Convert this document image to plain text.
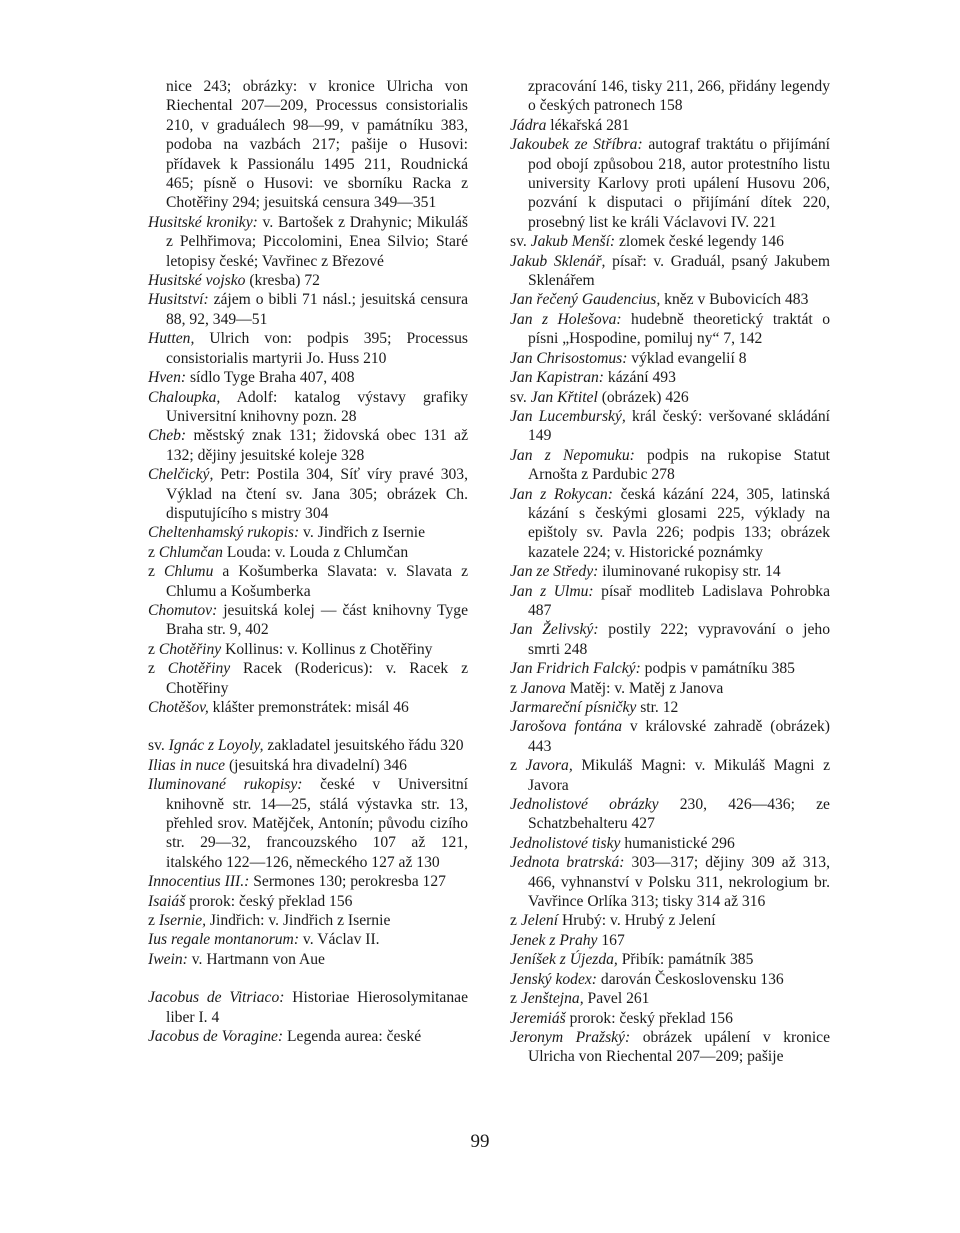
nice 243; obrázky: v kronice Ulricha von Riechental 207—209, Processus consistorialis 210, v graduálech 98—99, v památníku 383, podoba na vazbách 217; pašije o Husovi: přídavek k Passionálu 1495 211, Roudnická 465; písně o Husovi: ve sborníku Racka z Chotěřiny 294; jesuitská censura 349—351

Husitské kroniky: v. Bartošek z Drahynic; Mikuláš z Pelhřimova; Piccolomini, Enea Silvio; Staré letopisy české; Vavřinec z Březové

Husitské vojsko (kresba) 72

Husitství: zájem o bibli 71 násl.; jesuitská censura 88, 92, 349—51

Hutten, Ulrich von: podpis 395; Processus consistorialis martyrii Jo. Huss 210

Hven: sídlo Tyge Braha 407, 408

Chaloupka, Adolf: katalog výstavy grafiky Universitní knihovny pozn. 28

Cheb: městský znak 131; židovská obec 131 až 132; dějiny jesuitské koleje 328

Chelčický, Petr: Postila 304, Síť víry pravé 303, Výklad na čtení sv. Jana 305; obrázek Ch. disputujícího s mistry 304

Cheltenhamský rukopis: v. Jindřich z Isernie

z Chlumčan Louda: v. Louda z Chlumčan

z Chlumu a Košumberka Slavata: v. Slavata z Chlumu a Košumberka

Chomutov: jesuitská kolej — část knihovny Tyge Braha str. 9, 402

z Chotěřiny Kollinus: v. Kollinus z Chotěřiny

z Chotěřiny Racek (Rodericus): v. Racek z Chotěřiny

Chotěšov, klášter premonstrátek: misál 46

sv. Ignác z Loyoly, zakladatel jesuitského řádu 320

Ilias in nuce (jesuitská hra divadelní) 346

Iluminované rukopisy: české v Universitní knihovně str. 14—25, stálá výstavka str. 13, přehled srov. Matějček, Antonín; původu cizího str. 29—32, francouzského 107 až 121, italského 122—126, německého 127 až 130

Innocentius III.: Sermones 130; perokresba 127

Isaiáš prorok: český překlad 156

z Isernie, Jindřich: v. Jindřich z Isernie

Ius regale montanorum: v. Václav II.

Iwein: v. Hartmann von Aue

Jacobus de Vitriaco: Historiae Hierosolymitanae liber I. 4

Jacobus de Voragine: Legenda aurea: české

zpracování 146, tisky 211, 266, přidány legendy o českých patronech 158

Jádra lékařská 281

Jakoubek ze Stříbra: autograf traktátu o přijímání pod obojí způsobou 218, autor protestního listu university Karlovy proti upálení Husovu 206, pozvání k disputaci o přijímání dítek 220, prosebný list ke králi Václavovi IV. 221

sv. Jakub Menší: zlomek české legendy 146

Jakub Sklenář, písař: v. Graduál, psaný Jakubem Sklenářem

Jan řečený Gaudencius, kněz v Bubovicích 483

Jan z Holešova: hudebně theoretický traktát o písni „Hospodine, pomiluj ny“ 7, 142

Jan Chrisostomus: výklad evangelií 8

Jan Kapistran: kázání 493

sv. Jan Křtitel (obrázek) 426

Jan Lucemburský, král český: veršované skládání 149

Jan z Nepomuku: podpis na rukopise Statut Arnošta z Pardubic 278

Jan z Rokycan: česká kázání 224, 305, latinská kázání s českými glosami 225, výklady na epištoly sv. Pavla 226; podpis 133; obrázek kazatele 224; v. Historické poznámky

Jan ze Středy: iluminované rukopisy str. 14

Jan z Ulmu: písař modliteb Ladislava Pohrobka 487

Jan Želivský: postily 222; vypravování o jeho smrti 248

Jan Fridrich Falcký: podpis v památníku 385

z Janova Matěj: v. Matěj z Janova

Jarmareční písničky str. 12

Jarošova fontána v královské zahradě (obrázek) 443

z Javora, Mikuláš Magni: v. Mikuláš Magni z Javora

Jednolistové obrázky 230, 426—436; ze Schatzbehalteru 427

Jednolistové tisky humanistické 296

Jednota bratrská: 303—317; dějiny 309 až 313, 466, vyhnanství v Polsku 311, nekrologium br. Vavřince Orlíka 313; tisky 314 až 316

z Jelení Hrubý: v. Hrubý z Jelení

Jenek z Prahy 167

Jeníšek z Újezda, Přibík: památník 385

Jenský kodex: darován Československu 136

z Jenštejna, Pavel 261

Jeremiáš prorok: český překlad 156

Jeronym Pražský: obrázek upálení v kronice Ulricha von Riechental 207—209; pašije

99
